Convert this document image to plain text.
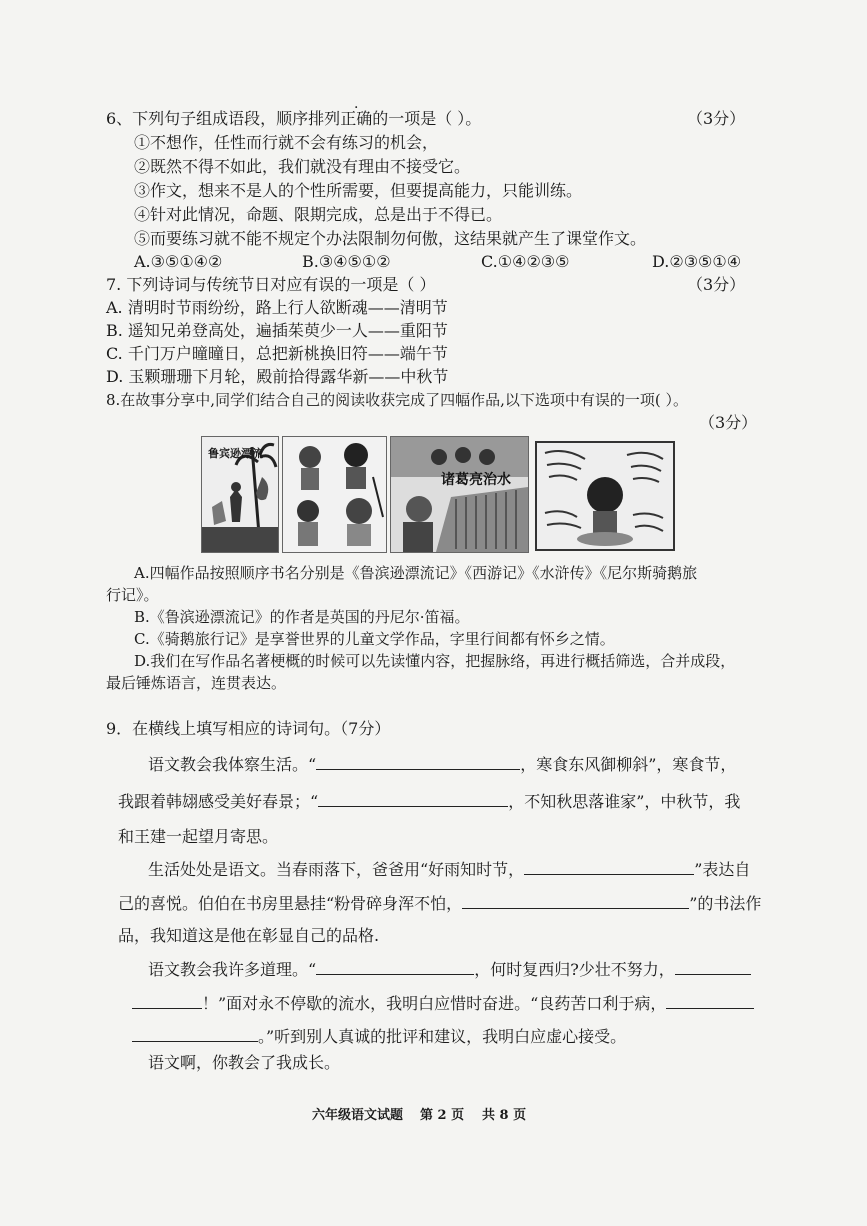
6、下列句子组成语段，顺序排列正确的一项是（ ）。	（3分）
①不想作，任性而行就不会有练习的机会，
②既然不得不如此，我们就没有理由不接受它。
③作文，想来不是人的个性所需要，但要提高能力，只能训练。
④针对此情况，命题、限期完成，总是出于不得已。
⑤而要练习就不能不规定个办法限制勿何傲，这结果就产生了课堂作文。
A.③⑤①④②	B.③④⑤①②	C.①④②③⑤	D.②③⑤①④
7. 下列诗词与传统节日对应有误的一项是（ ）	（3分）
A. 清明时节雨纷纷，路上行人欲断魂——清明节
B. 遥知兄弟登高处，遍插茱萸少一人——重阳节
C. 千门万户曈曈日，总把新桃换旧符——端午节
D. 玉颗珊珊下月轮，殿前拾得露华新——中秋节
8.在故事分享中,同学们结合自己的阅读收获完成了四幅作品,以下选项中有误的一项( ）。
（3分）
鲁宾逊漂流
诸葛亮治水
A.四幅作品按照顺序书名分别是《鲁滨逊漂流记》《西游记》《水浒传》《尼尔斯骑鹅旅
行记》。
B.《鲁滨逊漂流记》的作者是英国的丹尼尔·笛福。
C.《骑鹅旅行记》是享誉世界的儿童文学作品，字里行间都有怀乡之情。
D.我们在写作品名著梗概的时候可以先读懂内容，把握脉络，再进行概括筛选，合并成段，
最后锤炼语言，连贯表达。
9．在横线上填写相应的诗词句。（7分）
语文教会我体察生活。“	，寒食东风御柳斜”，寒食节，
我跟着韩翃感受美好春景；“	，不知秋思落谁家”，中秋节，我
和王建一起望月寄思。
生活处处是语文。当春雨落下，爸爸用“好雨知时节，	”表达自
己的喜悦。伯伯在书房里悬挂“粉骨碎身浑不怕，	”的书法作
品，我知道这是他在彰显自己的品格.
语文教会我许多道理。“	，何时复西归?少壮不努力，
！”面对永不停歇的流水，我明白应惜时奋进。“良药苦口利于病，
。”听到别人真诚的批评和建议，我明白应虚心接受。
语文啊，你教会了我成长。
六年级语文试题 第 2 页 共 8 页
